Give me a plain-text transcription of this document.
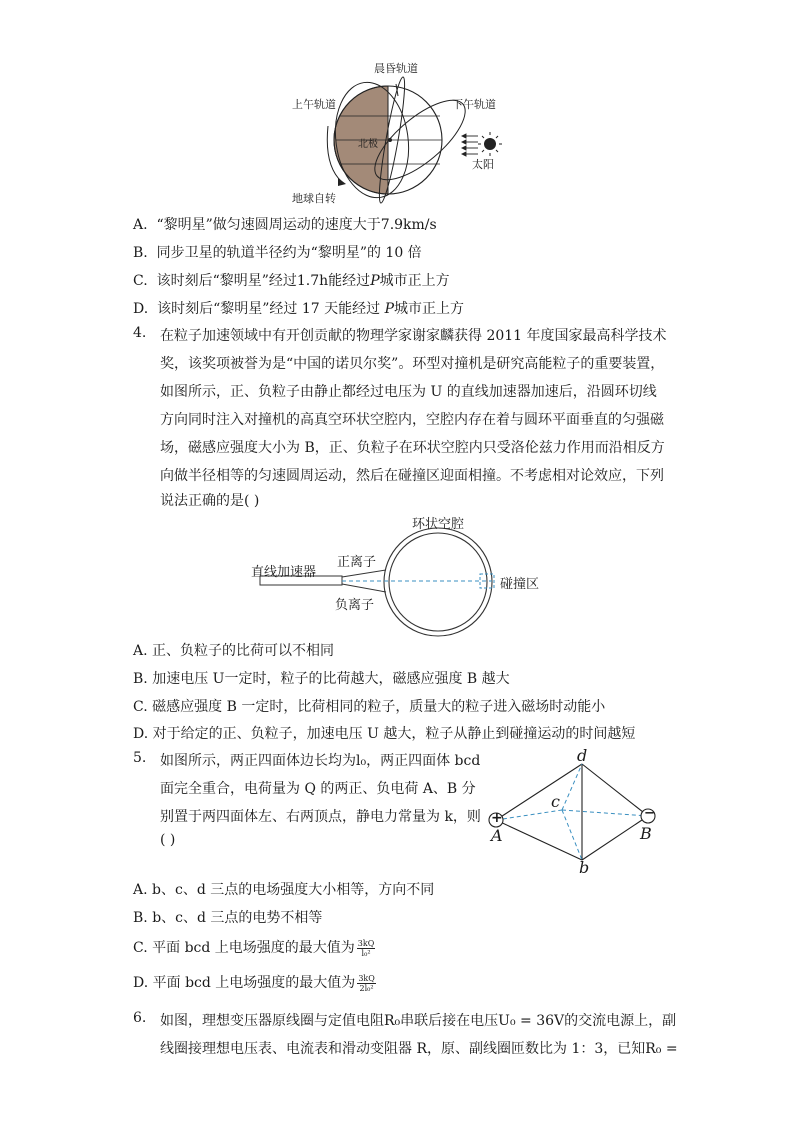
晨昏轨道
上午轨道	下午轨道
北极
太阳
地球自转
A. “黎明星”做匀速圆周运动的速度大于7.9km/s
B. 同步卫星的轨道半径约为“黎明星”的 10 倍
C. 该时刻后“黎明星”经过1.7h能经过P城市正上方
D. 该时刻后“黎明星”经过 17 天能经过 P城市正上方
4. 在粒子加速领域中有开创贡献的物理学家谢家麟获得 2011 年度国家最高科学技术
奖，该奖项被誉为是“中国的诺贝尔奖”。环型对撞机是研究高能粒子的重要装置，
如图所示，正、负粒子由静止都经过电压为 U 的直线加速器加速后，沿圆环切线
方向同时注入对撞机的高真空环状空腔内，空腔内存在着与圆环平面垂直的匀强磁
场，磁感应强度大小为 B，正、负粒子在环状空腔内只受洛伦兹力作用而沿相反方
向做半径相等的匀速圆周运动，然后在碰撞区迎面相撞。不考虑相对论效应，下列
说法正确的是( )
环状空腔
直线加速器
正离子
负离子
碰撞区
A. 正、负粒子的比荷可以不相同
B. 加速电压 U一定时，粒子的比荷越大，磁感应强度 B 越大
C. 磁感应强度 B 一定时，比荷相同的粒子，质量大的粒子进入磁场时动能小
D. 对于给定的正、负粒子，加速电压 U 越大，粒子从静止到碰撞运动的时间越短
5. 如图所示，两正四面体边长均为l₀，两正四面体 bcd
面完全重合，电荷量为 Q 的两正、负电荷 A、B 分
别置于两四面体左、右两顶点，静电力常量为 k，则
( )
+	−
d
c
b
A	B
A. b、c、d 三点的电场强度大小相等，方向不同
B. b、c、d 三点的电势不相等
C. 平面 bcd 上电场强度的最大值为 $\frac{3kQ}{\text{l₀²}}$
D. 平面 bcd 上电场强度的最大值为 $\frac{3kQ}{\text{2l₀²}}$
6. 如图，理想变压器原线圈与定值电阻R₀串联后接在电压U₀ = 36V的交流电源上，副
线圈接理想电压表、电流表和滑动变阻器 R，原、副线圈匝数比为 1：3，已知R₀ =
